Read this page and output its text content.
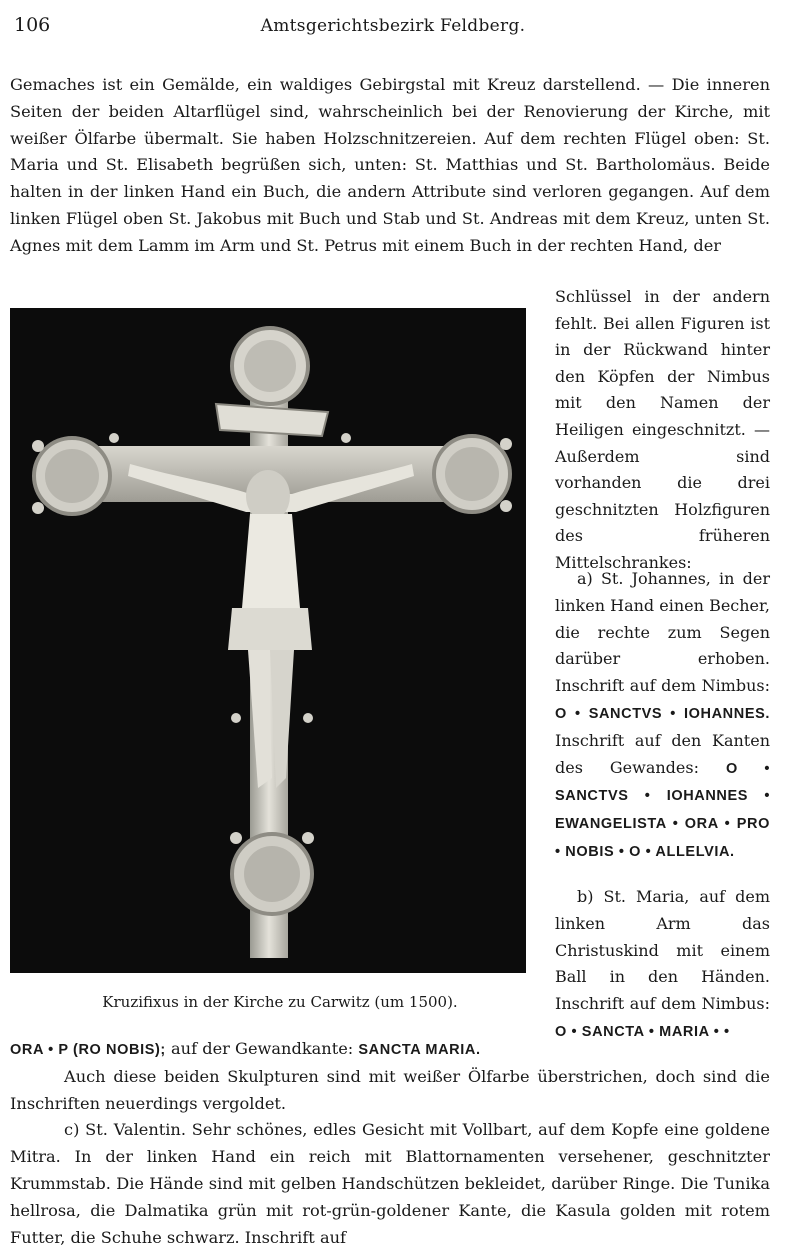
106	Amtsgerichtsbezirk Feldberg.

Gemaches ist ein Gemälde, ein waldiges Gebirgstal mit Kreuz darstellend. — Die inneren Seiten der beiden Altarflügel sind, wahrscheinlich bei der Renovierung der Kirche, mit weißer Ölfarbe übermalt. Sie haben Holzschnitzereien. Auf dem rechten Flügel oben: St. Maria und St. Elisabeth begrüßen sich, unten: St. Matthias und St. Bartholomäus. Beide halten in der linken Hand ein Buch, die andern Attribute sind verloren gegangen. Auf dem linken Flügel oben St. Jakobus mit Buch und Stab und St. Andreas mit dem Kreuz, unten St. Agnes mit dem Lamm im Arm und St. Petrus mit einem Buch in der rechten Hand, der

Kruzifixus in der Kirche zu Carwitz (um 1500).

Schlüssel in der andern fehlt. Bei allen Figuren ist in der Rückwand hinter den Köpfen der Nimbus mit den Namen der Heiligen eingeschnitzt. — Außerdem sind vorhanden die drei geschnitzten Holzfiguren des früheren Mittelschrankes:

a) St. Johannes, in der linken Hand einen Becher, die rechte zum Segen darüber erhoben. Inschrift auf dem Nimbus: O • SANCTVS • IOHANNES. Inschrift auf den Kanten des Gewandes: O • SANCTVS • IOHANNES • EWANGELISTA • ORA • PRO • NOBIS • O • ALLELVIA.

b) St. Maria, auf dem linken Arm das Christuskind mit einem Ball in den Händen. Inschrift auf dem Nimbus: O • SANCTA • MARIA • •

ORA • P (RO NOBIS); auf der Gewandkante: SANCTA MARIA.
Auch diese beiden Skulpturen sind mit weißer Ölfarbe überstrichen, doch sind die Inschriften neuerdings vergoldet.
c) St. Valentin. Sehr schönes, edles Gesicht mit Vollbart, auf dem Kopfe eine goldene Mitra. In der linken Hand ein reich mit Blattornamenten versehener, geschnitzter Krummstab. Die Hände sind mit gelben Handschützen bekleidet, darüber Ringe. Die Tunika hellrosa, die Dalmatika grün mit rot-grün-goldener Kante, die Kasula golden mit rotem Futter, die Schuhe schwarz. Inschrift auf
